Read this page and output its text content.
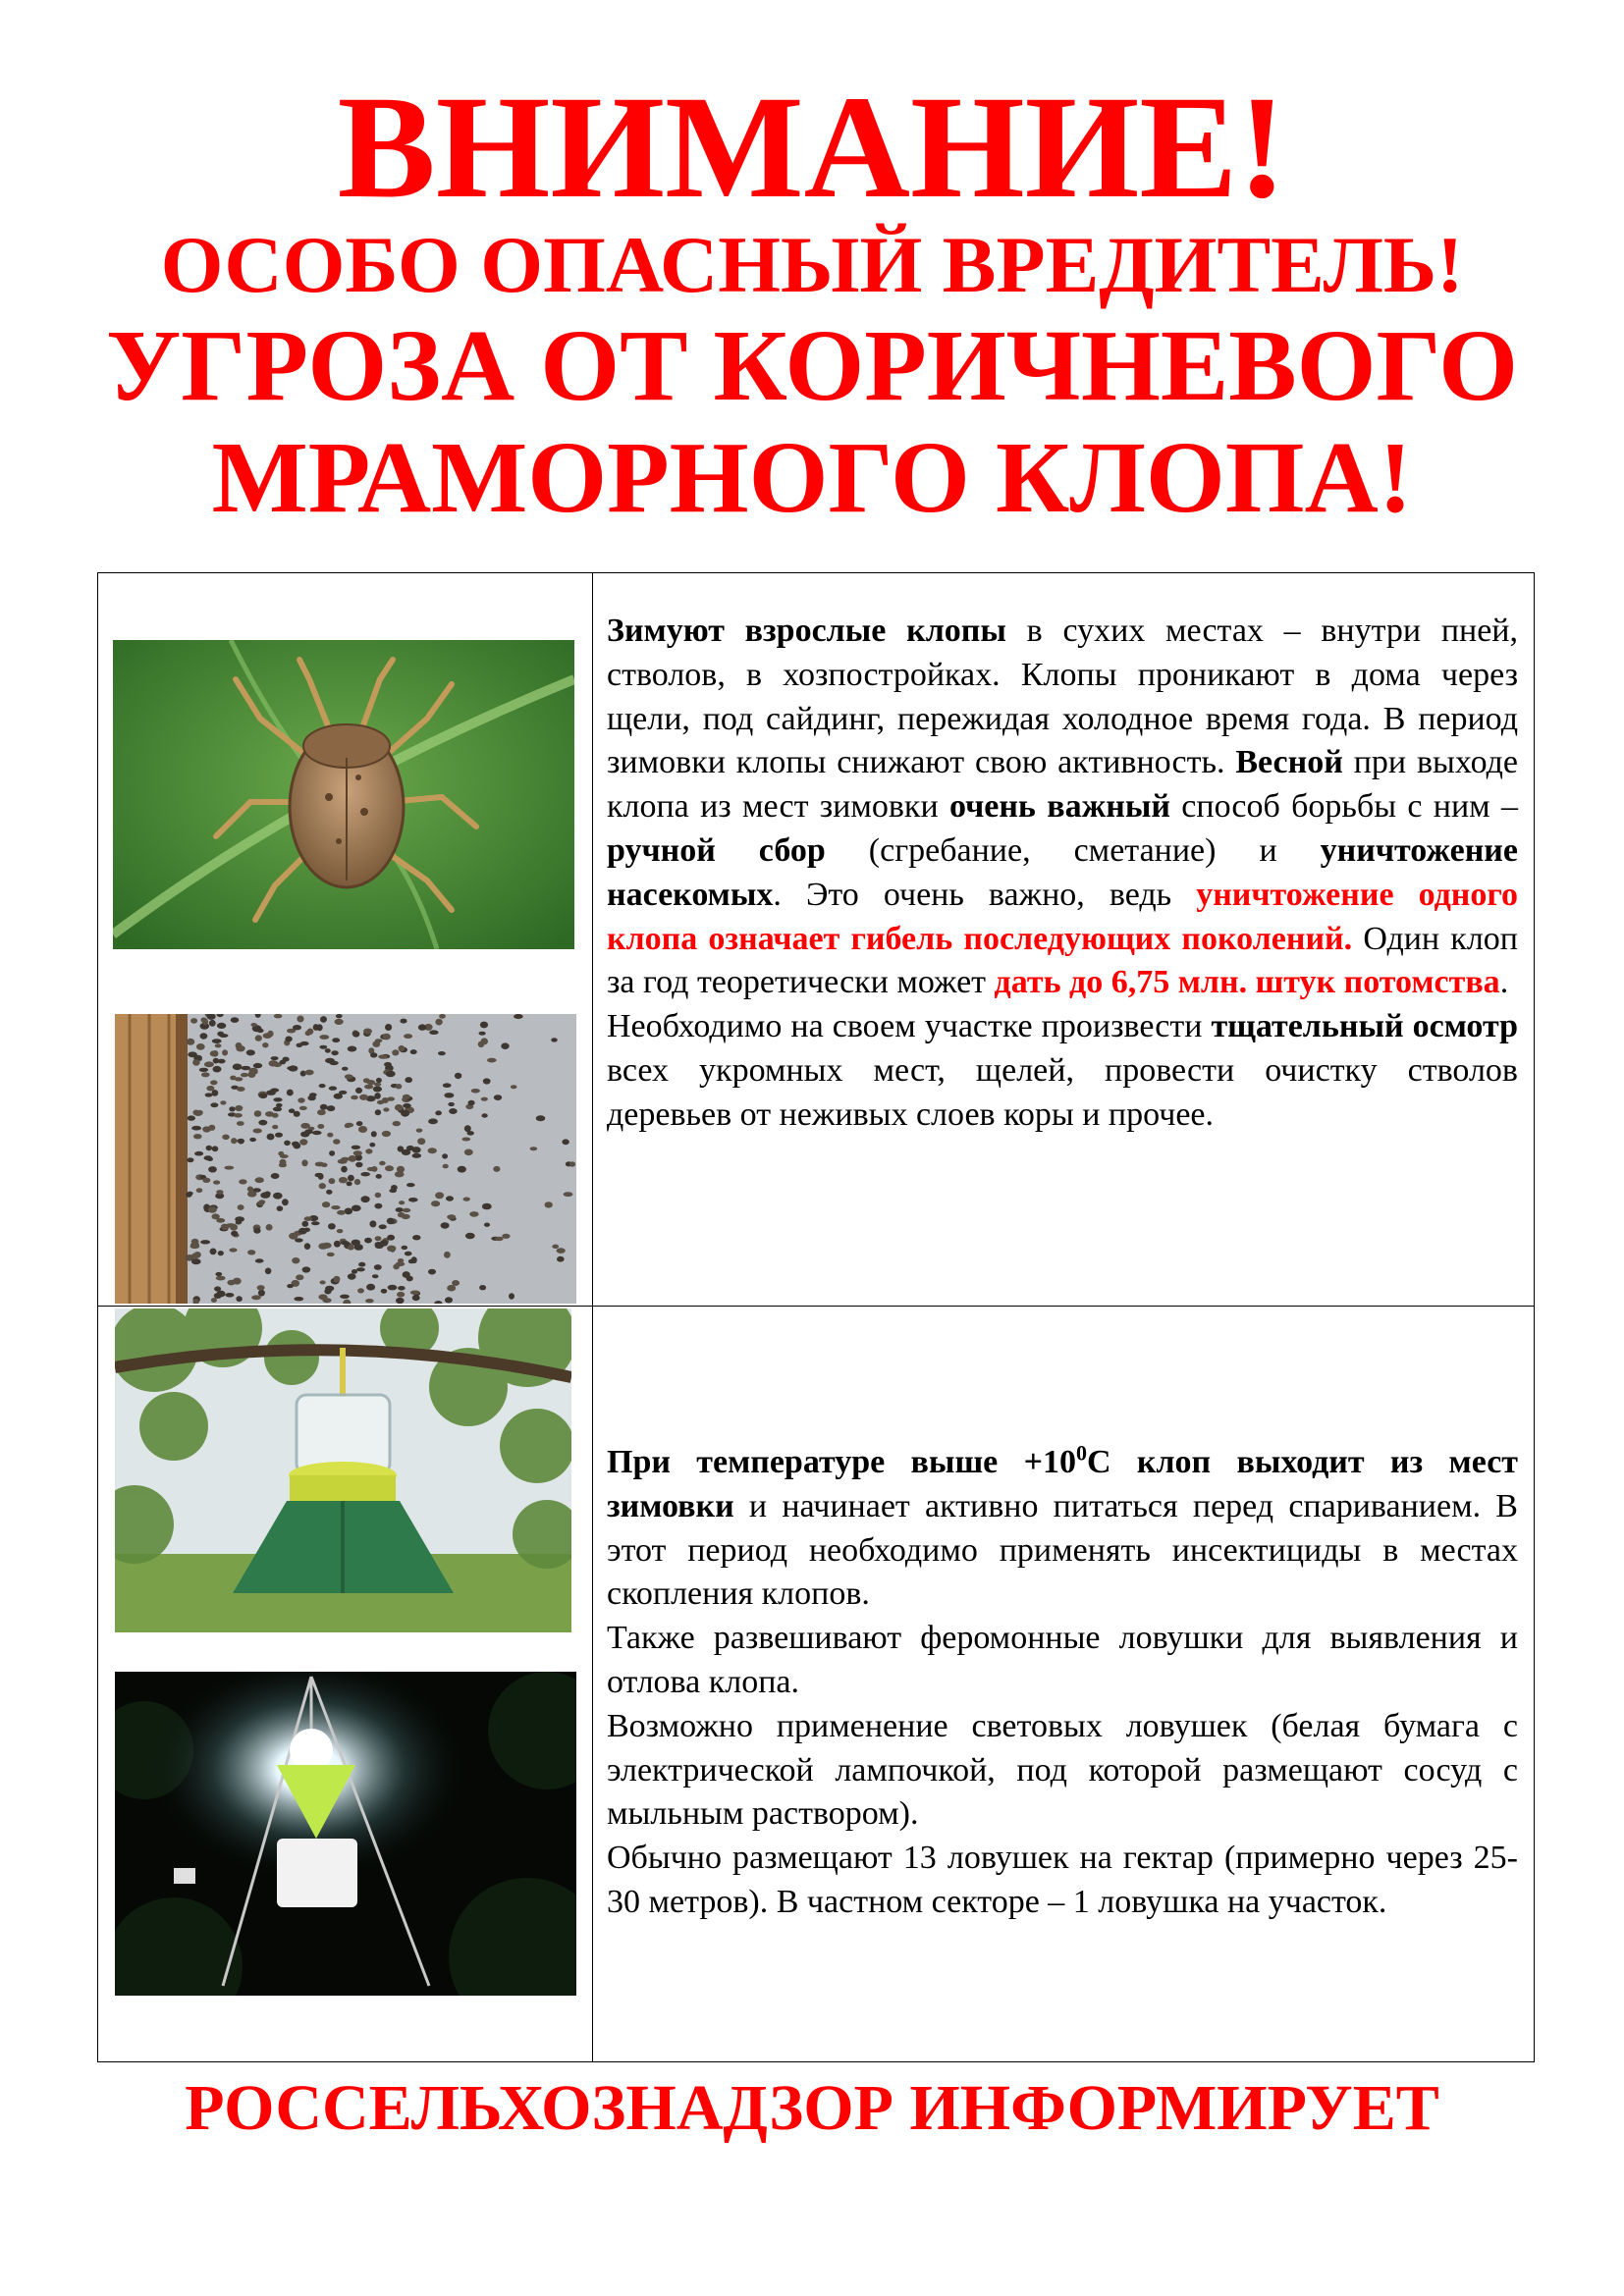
ВНИМАНИЕ!
ОСОБО ОПАСНЫЙ ВРЕДИТЕЛЬ!
УГРОЗА ОТ КОРИЧНЕВОГО
МРАМОРНОГО КЛОПА!

Зимуют взрослые клопы в сухих местах – внутри пней, стволов, в хозпостройках. Клопы проникают в дома через щели, под сайдинг, пережидая холодное время года. В период зимовки клопы снижают свою активность. Весной при выходе клопа из мест зимовки очень важный способ борьбы с ним – ручной сбор (сгребание, сметание) и уничтожение насекомых. Это очень важно, ведь уничтожение одного клопа означает гибель последующих поколений. Один клоп за год теоретически может дать до 6,75 млн. штук потомства.

Необходимо на своем участке произвести тщательный осмотр всех укромных мест, щелей, провести очистку стволов деревьев от неживых слоев коры и прочее.

При температуре выше $+10^0С$ клоп выходит из мест зимовки и начинает активно питаться перед спариванием. В этот период необходимо применять инсектициды в местах скопления клопов.

Также развешивают феромонные ловушки для выявления и отлова клопа.

Возможно применение световых ловушек (белая бумага с электрической лампочкой, под которой размещают сосуд с мыльным раствором).

Обычно размещают 13 ловушек на гектар (примерно через 25-30 метров). В частном секторе – 1 ловушка на участок.

РОССЕЛЬХОЗНАДЗОР ИНФОРМИРУЕТ
